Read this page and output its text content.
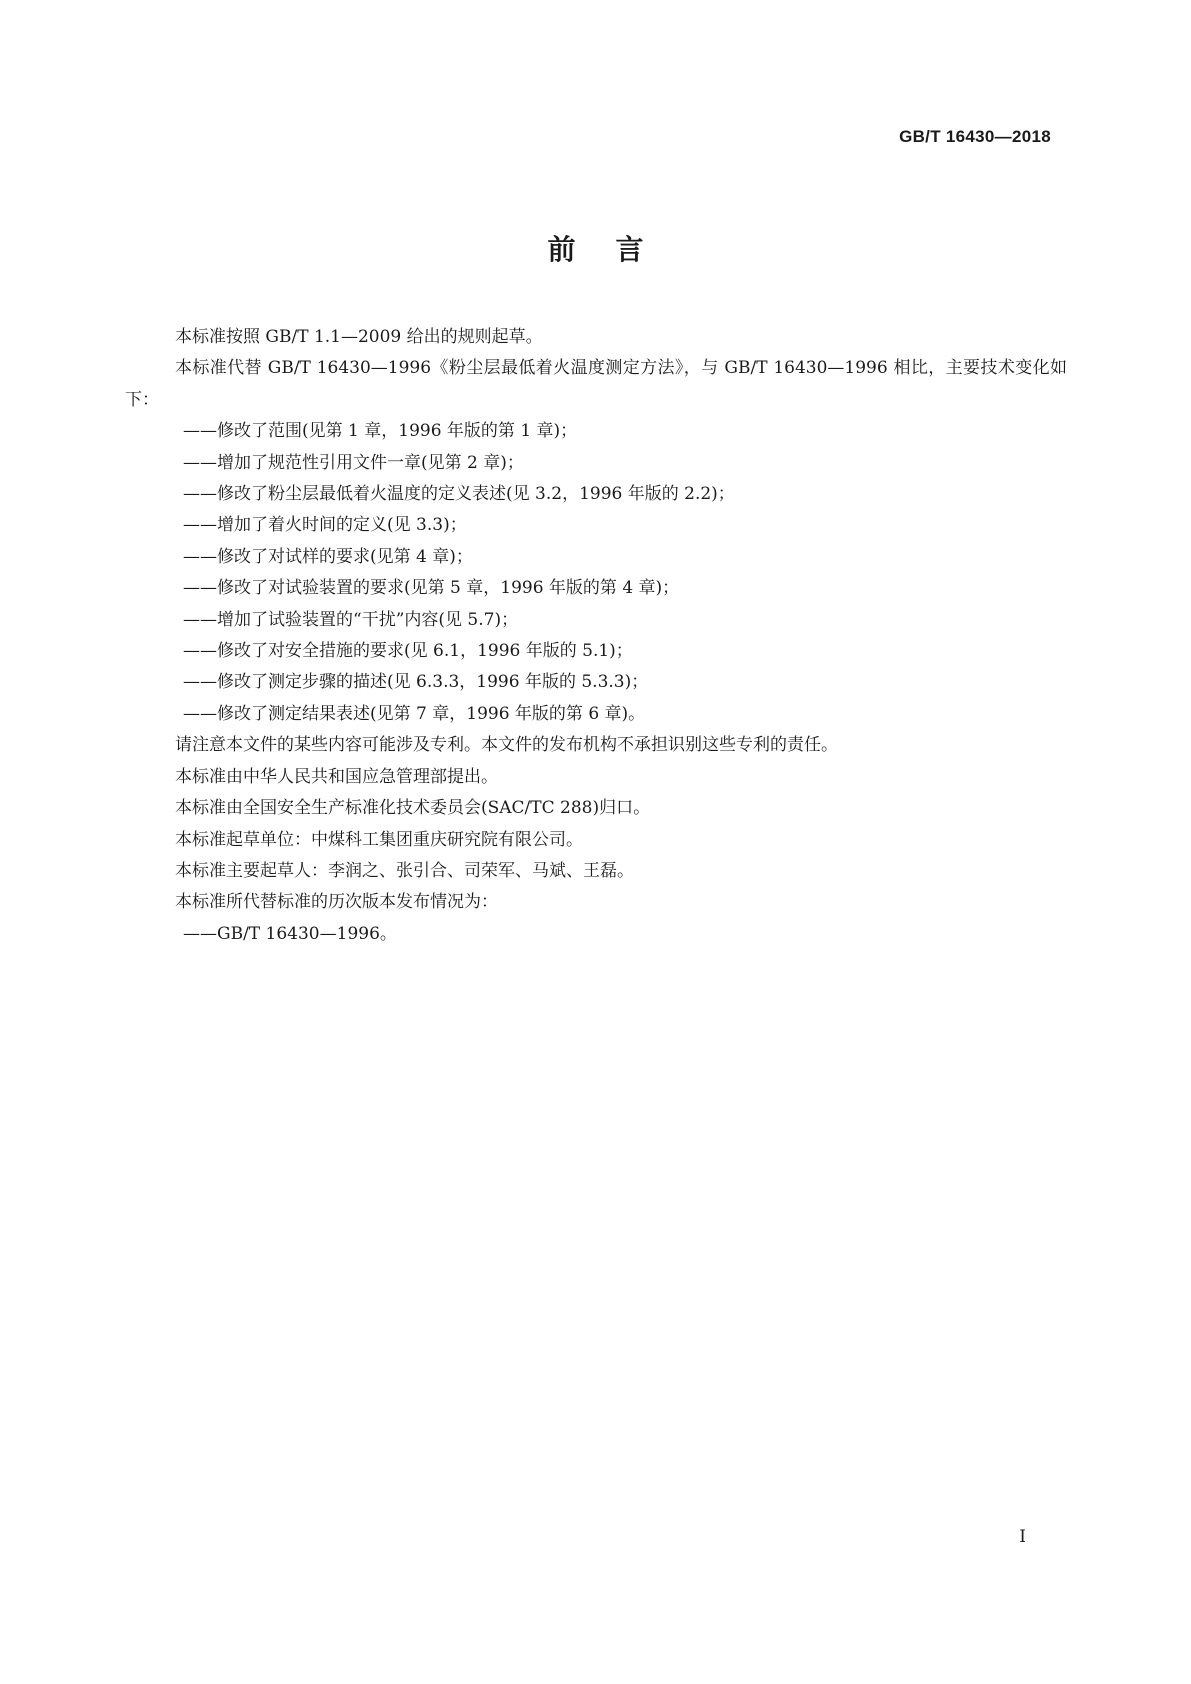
GB/T 16430—2018
前言

本标准按照 GB/T 1.1—2009 给出的规则起草。

本标准代替 GB/T 16430—1996《粉尘层最低着火温度测定方法》，与 GB/T 16430—1996 相比，主要技术变化如下：

——修改了范围(见第 1 章，1996 年版的第 1 章)；

——增加了规范性引用文件一章(见第 2 章)；

——修改了粉尘层最低着火温度的定义表述(见 3.2，1996 年版的 2.2)；

——增加了着火时间的定义(见 3.3)；

——修改了对试样的要求(见第 4 章)；

——修改了对试验装置的要求(见第 5 章，1996 年版的第 4 章)；

——增加了试验装置的“干扰”内容(见 5.7)；

——修改了对安全措施的要求(见 6.1，1996 年版的 5.1)；

——修改了测定步骤的描述(见 6.3.3，1996 年版的 5.3.3)；

——修改了测定结果表述(见第 7 章，1996 年版的第 6 章)。

请注意本文件的某些内容可能涉及专利。本文件的发布机构不承担识别这些专利的责任。

本标准由中华人民共和国应急管理部提出。

本标准由全国安全生产标准化技术委员会(SAC/TC 288)归口。

本标准起草单位：中煤科工集团重庆研究院有限公司。

本标准主要起草人：李润之、张引合、司荣军、马斌、王磊。

本标准所代替标准的历次版本发布情况为：

——GB/T 16430—1996。

I
